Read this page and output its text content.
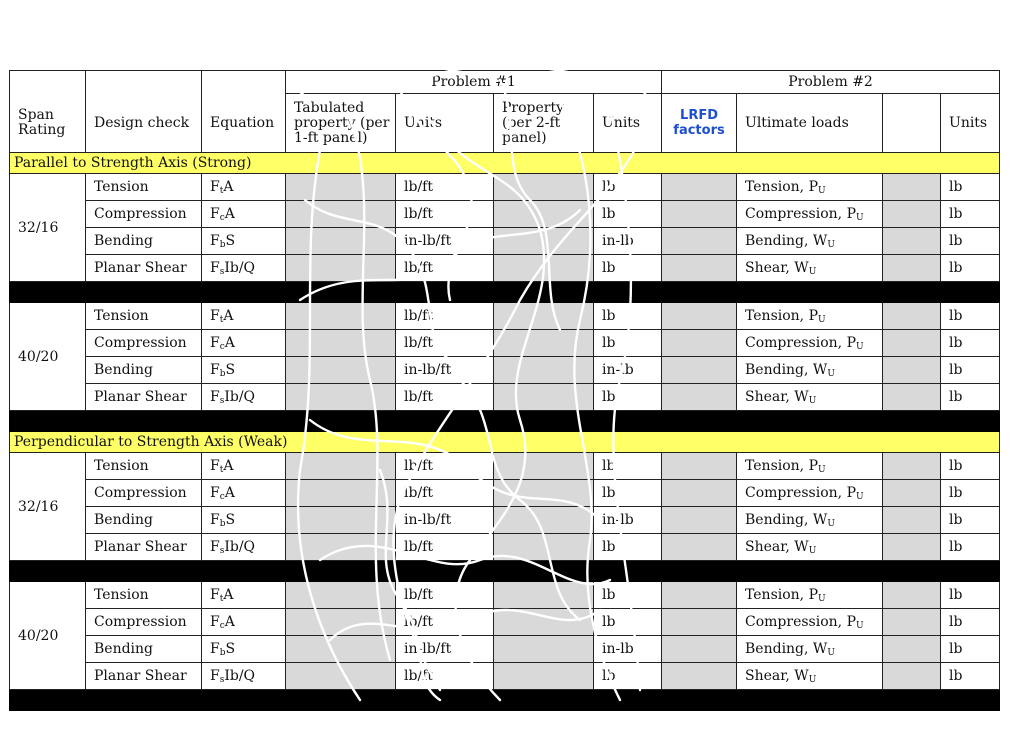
			Problem #1				Problem #2			
Span Rating	Design check	Equation	Tabulated property (per 1-ft panel)	Units	Property (per 2-ft panel)	Units	LRFD factors	Ultimate loads		Units
Parallel to Strength Axis (Strong)										
32/16	Tension	$F_tA$		lb/ft		lb		Tension, $P_U$		lb
	Compression	$F_cA$		lb/ft		lb		Compression, $P_U$		lb
	Bending	$F_bS$		in-lb/ft		in-lb		Bending, $W_U$		lb
	Planar Shear	$F_sIb/Q$		lb/ft		lb		Shear, $W_U$		lb

40/20	Tension	$F_tA$		lb/ft		lb		Tension, $P_U$		lb
	Compression	$F_cA$		lb/ft		lb		Compression, $P_U$		lb
	Bending	$F_bS$		in-lb/ft		in-lb		Bending, $W_U$		lb
	Planar Shear	$F_sIb/Q$		lb/ft		lb		Shear, $W_U$		lb

Perpendicular to Strength Axis (Weak)										
32/16	Tension	$F_tA$		lb/ft		lb		Tension, $P_U$		lb
	Compression	$F_cA$		lb/ft		lb		Compression, $P_U$		lb
	Bending	$F_bS$		in-lb/ft		in-lb		Bending, $W_U$		lb
	Planar Shear	$F_sIb/Q$		lb/ft		lb		Shear, $W_U$		lb

40/20	Tension	$F_tA$		lb/ft		lb		Tension, $P_U$		lb
	Compression	$F_cA$		lb/ft		lb		Compression, $P_U$		lb
	Bending	$F_bS$		in-lb/ft		in-lb		Bending, $W_U$		lb
	Planar Shear	$F_sIb/Q$		lb/ft		lb		Shear, $W_U$		lb
